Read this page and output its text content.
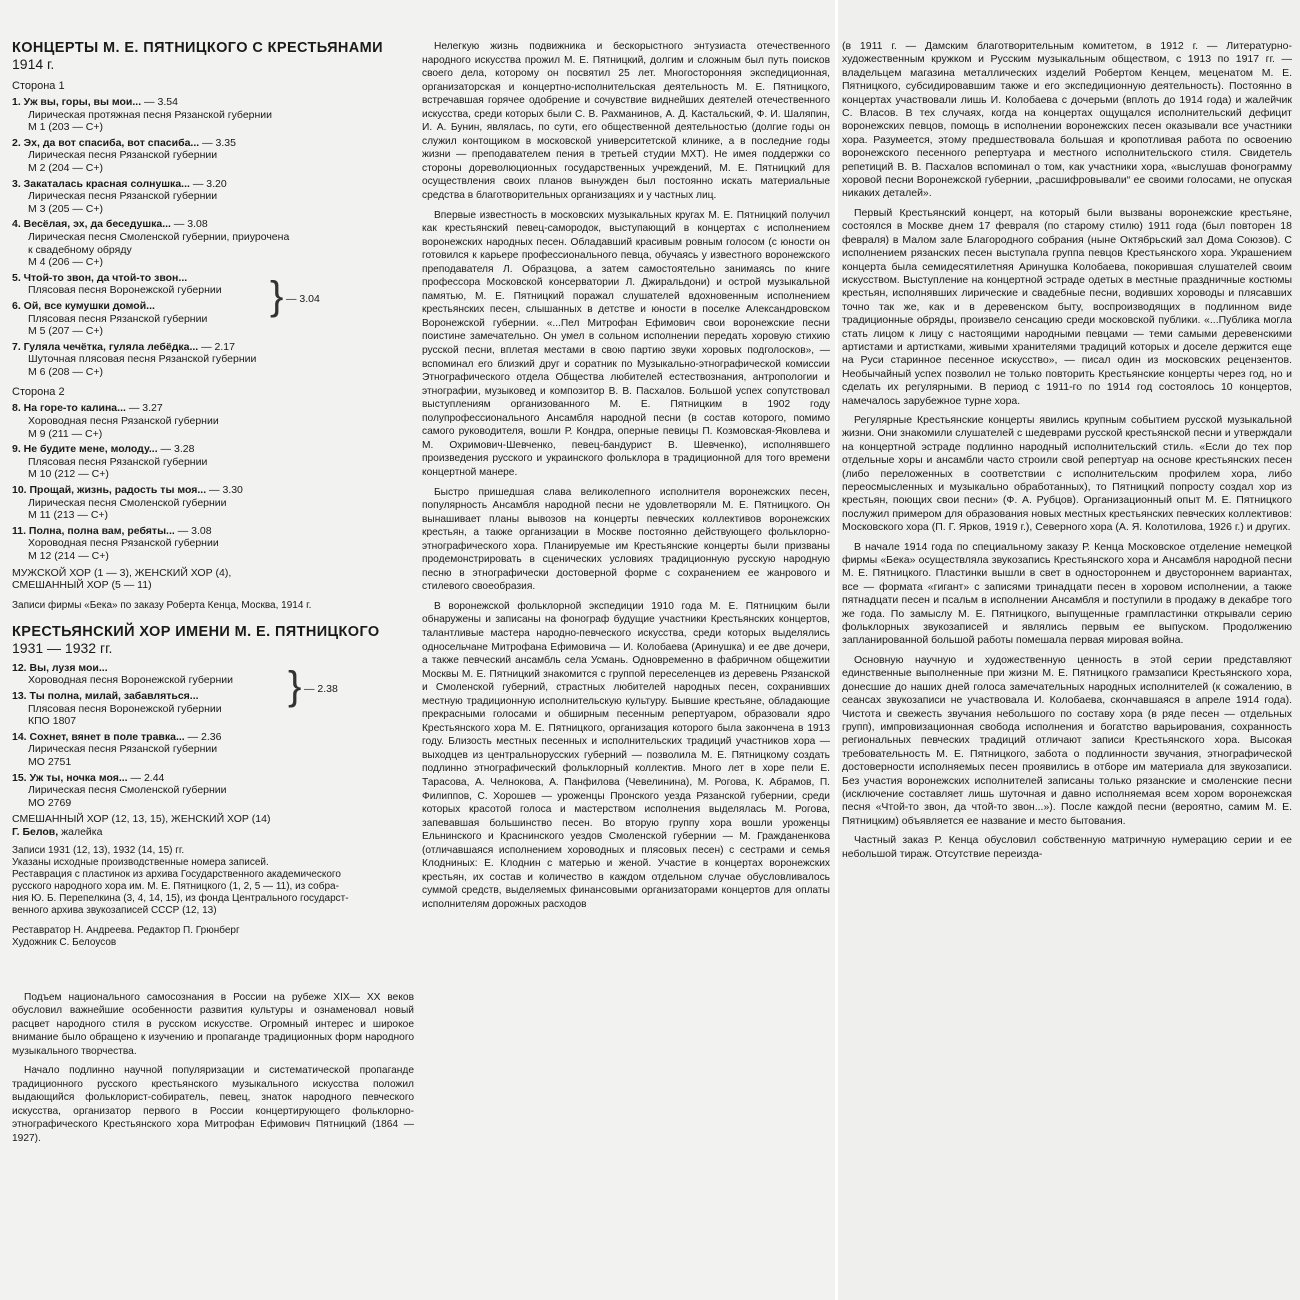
КОНЦЕРТЫ М. Е. ПЯТНИЦКОГО С КРЕСТЬЯНАМИ
1914 г.
Сторона 1
1. Уж вы, горы, вы мои... — 3.54
Лирическая протяжная песня Рязанской губернии
М 1 (203 — С+)
2. Эх, да вот спасиба, вот спасиба... — 3.35
Лирическая песня Рязанской губернии
М 2 (204 — С+)
3. Закаталась красная солнушка... — 3.20
Лирическая песня Рязанской губернии
М 3 (205 — С+)
4. Весёлая, эх, да беседушка... — 3.08
Лирическая песня Смоленской губернии, приурочена
к свадебному обряду
М 4 (206 — С+)
5. Чтой-то звон, да чтой-то звон...
Плясовая песня Воронежской губернии
6. Ой, все кумушки домой...
Плясовая песня Рязанской губернии
М 5 (207 — С+)
} — 3.04
7. Гуляла чечётка, гуляла лебёдка... — 2.17
Шуточная плясовая песня Рязанской губернии
М 6 (208 — С+)
Сторона 2
8. На горе-то калина... — 3.27
Хороводная песня Рязанской губернии
М 9 (211 — С+)
9. Не будите мене, молоду... — 3.28
Плясовая песня Рязанской губернии
М 10 (212 — С+)
10. Прощай, жизнь, радость ты моя... — 3.30
Лирическая песня Смоленской губернии
М 11 (213 — С+)
11. Полна, полна вам, ребяты... — 3.08
Хороводная песня Рязанской губернии
М 12 (214 — С+)
МУЖСКОЙ ХОР (1 — 3), ЖЕНСКИЙ ХОР (4),
СМЕШАННЫЙ ХОР (5 — 11)
Записи фирмы «Бека» по заказу Роберта Кенца, Москва, 1914 г.
КРЕСТЬЯНСКИЙ ХОР ИМЕНИ М. Е. ПЯТНИЦКОГО
1931 — 1932 гг.
12. Вы, лузя мои...
Хороводная песня Воронежской губернии
13. Ты полна, милай, забавляться...
Плясовая песня Воронежской губернии
КПО 1807
} — 2.38
14. Сохнет, вянет в поле травка... — 2.36
Лирическая песня Рязанской губернии
МО 2751
15. Уж ты, ночка моя... — 2.44
Лирическая песня Смоленской губернии
МО 2769
СМЕШАННЫЙ ХОР (12, 13, 15), ЖЕНСКИЙ ХОР (14)
Г. Белов, жалейка
Записи 1931 (12, 13), 1932 (14, 15) гг.
Указаны исходные производственные номера записей.
Реставрация с пластинок из архива Государственного академического
русского народного хора им. М. Е. Пятницкого (1, 2, 5 — 11), из собра-
ния Ю. Б. Перепелкина (3, 4, 14, 15), из фонда Центрального государст-
венного архива звукозаписей СССР (12, 13)
Реставратор Н. Андреева. Редактор П. Грюнберг
Художник С. Белоусов

Подъем национального самосознания в России на рубеже XIX— XX веков обусловил важнейшие особенности развития культуры и ознаменовал новый расцвет народного стиля в русском искусстве. Огромный интерес и широкое внимание было обращено к изучению и пропаганде традиционных форм народного музыкального творчества.

Начало подлинно научной популяризации и систематической пропаганде традиционного русского крестьянского музыкального искусства положил выдающийся фольклорист-собиратель, певец, знаток народного певческого искусства, организатор первого в России концертирующего фольклорно-этнографического Крестьянского хора Митрофан Ефимович Пятницкий (1864 — 1927).

Нелегкую жизнь подвижника и бескорыстного энтузиаста отечественного народного искусства прожил М. Е. Пятницкий, долгим и сложным был путь поисков своего дела, которому он посвятил 25 лет. Многосторонняя экспедиционная, организаторская и концертно-исполнительская деятельность М. Е. Пятницкого, встречавшая горячее одобрение и сочувствие виднейших деятелей отечественного искусства, среди которых были С. В. Рахманинов, А. Д. Кастальский, Ф. И. Шаляпин, И. А. Бунин, являлась, по сути, его общественной деятельностью (долгие годы он служил контощиком в московской университетской клинике, а в последние годы жизни — преподавателем пения в третьей студии МХТ). Не имея поддержки со стороны дореволюционных государственных учреждений, М. Е. Пятницкий для осуществления своих планов вынужден был постоянно искать материальные средства в благотворительных организациях и у частных лиц.

Впервые известность в московских музыкальных кругах М. Е. Пятницкий получил как крестьянский певец-самородок, выступающий в концертах с исполнением воронежских народных песен. Обладавший красивым ровным голосом (с юности он готовился к карьере профессионального певца, обучаясь у известного воронежского преподавателя Л. Образцова, а затем самостоятельно занимаясь по книге профессора Московской консерватории Л. Джиральдони) и острой музыкальной памятью, М. Е. Пятницкий поражал слушателей вдохновенным исполнением крестьянских песен, слышанных в детстве и юности в поселке Александровском Воронежской губернии. «...Пел Митрофан Ефимович свои воронежские песни поистине замечательно. Он умел в сольном исполнении передать хоровую стихию русской песни, вплетая местами в свою партию звуки хоровых подголосков», — вспоминал его близкий друг и соратник по Музыкально-этнографической комиссии Этнографического отдела Общества любителей естествознания, антропологии и этнографии, музыковед и композитор В. В. Пасхалов. Большой успех сопутствовал выступлениям организованного М. Е. Пятницким в 1902 году полупрофессионального Ансамбля народной песни (в состав которого, помимо самого руководителя, вошли Р. Кондра, оперные певицы П. Козмовская-Яковлева и М. Охримович-Шевченко, певец-бандурист В. Шевченко), исполнявшего произведения русского и украинского фольклора в традиционной для того времени концертной манере.

Быстро пришедшая слава великолепного исполнителя воронежских песен, популярность Ансамбля народной песни не удовлетворяли М. Е. Пятницкого. Он вынашивает планы вывозов на концерты певческих коллективов воронежских крестьян, а также организации в Москве постоянно действующего фольклорно-этнографического хора. Планируемые им Крестьянские концерты были призваны продемонстрировать в сценических условиях традиционную русскую народную песню в этнографически достоверной форме с сохранением ее жанрового и стилевого своеобразия.

В воронежской фольклорной экспедиции 1910 года М. Е. Пятницким были обнаружены и записаны на фонограф будущие участники Крестьянских концертов, талантливые мастера народно-певческого искусства, среди которых выделялись односельчане Митрофана Ефимовича — И. Колобаева (Аринушка) и ее две дочери, а также певческий ансамбль села Усмань. Одновременно в фабричном общежитии Москвы М. Е. Пятницкий знакомится с группой переселенцев из деревень Рязанской и Смоленской губерний, страстных любителей народных песен, сохранивших местную традиционную исполнительскую культуру. Бывшие крестьяне, обладающие прекрасными голосами и обширным песенным репертуаром, образовали ядро Крестьянского хора М. Е. Пятницкого, организация которого была закончена в 1913 году. Близость местных песенных и исполнительских традиций участников хора — выходцев из центральнорусских губерний — позволила М. Е. Пятницкому создать подлинно этнографический фольклорный коллектив. Много лет в хоре пели Е. Тарасова, А. Челнокова, А. Панфилова (Чевелинина), М. Рогова, К. Абрамов, П. Филиппов, С. Хорошев — уроженцы Пронского уезда Рязанской губернии, среди которых красотой голоса и мастерством исполнения выделялась М. Рогова, запевавшая большинство песен. Во вторую группу хора вошли уроженцы Ельнинского и Краснинского уездов Смоленской губернии — М. Гражданенкова (отличавшаяся исполнением хороводных и плясовых песен) с сестрами и семья Клодниных: Е. Клоднин с матерью и женой. Участие в концертах воронежских крестьян, их состав и количество в каждом отдельном случае обусловливалось суммой средств, выделяемых финансовыми организаторами концертов для оплаты исполнителям дорожных расходов

(в 1911 г. — Дамским благотворительным комитетом, в 1912 г. — Литературно-художественным кружком и Русским музыкальным обществом, с 1913 по 1917 гг. — владельцем магазина металлических изделий Робертом Кенцем, меценатом М. Е. Пятницкого, субсидировавшим также и его экспедиционную деятельность). Постоянно в концертах участвовали лишь И. Колобаева с дочерьми (вплоть до 1914 года) и жалейчик С. Власов. В тех случаях, когда на концертах ощущался исполнительский дефицит воронежских певцов, помощь в исполнении воронежских песен оказывали все участники хора. Разумеется, этому предшествовала большая и кропотливая работа по освоению воронежского песенного репертуара и местного исполнительского стиля. Свидетель репетиций В. В. Пасхалов вспоминал о том, как участники хора, «выслушав фонограмму хоровой песни Воронежской губернии, „расшифровывали“ ее своими голосами, не опуская никаких деталей».

Первый Крестьянский концерт, на который были вызваны воронежские крестьяне, состоялся в Москве днем 17 февраля (по старому стилю) 1911 года (был повторен 18 февраля) в Малом зале Благородного собрания (ныне Октябрьский зал Дома Союзов). С исполнением рязанских песен выступала группа певцов Крестьянского хора. Украшением концерта была семидесятилетняя Аринушка Колобаева, покорившая слушателей своим искусством. Выступление на концертной эстраде одетых в местные праздничные костюмы крестьян, исполнявших лирические и свадебные песни, водивших хороводы и плясавших точно так же, как и в деревенском быту, воспроизводящих в подлинном виде традиционные обряды, произвело сенсацию среди московской публики. «...Публика могла стать лицом к лицу с настоящими народными певцами — теми самыми деревенскими артистами и артистками, живыми хранителями традиций которых и доселе держится еще на Руси старинное песенное искусство», — писал один из московских рецензентов. Необычайный успех позволил не только повторить Крестьянские концерты через год, но и сделать их регулярными. В период с 1911-го по 1914 год состоялось 10 концертов, намечалось зарубежное турне хора.

Регулярные Крестьянские концерты явились крупным событием русской музыкальной жизни. Они знакомили слушателей с шедеврами русской крестьянской песни и утверждали на концертной эстраде подлинно народный исполнительский стиль. «Если до тех пор отдельные хоры и ансамбли часто строили свой репертуар на основе крестьянских песен (либо переложенных в соответствии с исполнительским профилем хора, либо переосмысленных и музыкально обработанных), то Пятницкий попросту создал хор из крестьян, поющих свои песни» (Ф. А. Рубцов). Организационный опыт М. Е. Пятницкого послужил примером для образования новых местных крестьянских певческих коллективов: Московского хора (П. Г. Ярков, 1919 г.), Северного хора (А. Я. Колотилова, 1926 г.) и других.

В начале 1914 года по специальному заказу Р. Кенца Московское отделение немецкой фирмы «Бека» осуществляла звукозапись Крестьянского хора и Ансамбля народной песни М. Е. Пятницкого. Пластинки вышли в свет в одностороннем и двустороннем вариантах, все — формата «гигант» с записями тринадцати песен в хоровом исполнении, а также пятнадцати песен и псальм в исполнении Ансамбля и поступили в продажу в декабре того же года. По замыслу М. Е. Пятницкого, выпущенные грампластинки открывали серию фольклорных звукозаписей и являлись первым ее выпуском. Продолжению запланированной большой работы помешала первая мировая война.

Основную научную и художественную ценность в этой серии представляют единственные выполненные при жизни М. Е. Пятницкого грамзаписи Крестьянского хора, донесшие до наших дней голоса замечательных народных исполнителей (к сожалению, в сеансах звукозаписи не участвовала И. Колобаева, скончавшаяся в апреле 1914 года). Чистота и свежесть звучания небольшого по составу хора (в ряде песен — отдельных групп), импровизационная свобода исполнения и богатство варьирования, сохранность региональных певческих традиций отличают записи Крестьянского хора. Высокая требовательность М. Е. Пятницкого, забота о подлинности звучания, этнографической достоверности исполняемых песен проявились в отборе им материала для звукозаписи. Без участия воронежских исполнителей записаны только рязанские и смоленские песни (исключение составляет лишь шуточная и давно исполняемая всем хором воронежская песня «Чтой-то звон, да чтой-то звон...»). После каждой песни (вероятно, самим М. Е. Пятницким) объявляется ее название и место бытования.

Частный заказ Р. Кенца обусловил собственную матричную нумерацию серии и ее небольшой тираж. Отсутствие переизда-
